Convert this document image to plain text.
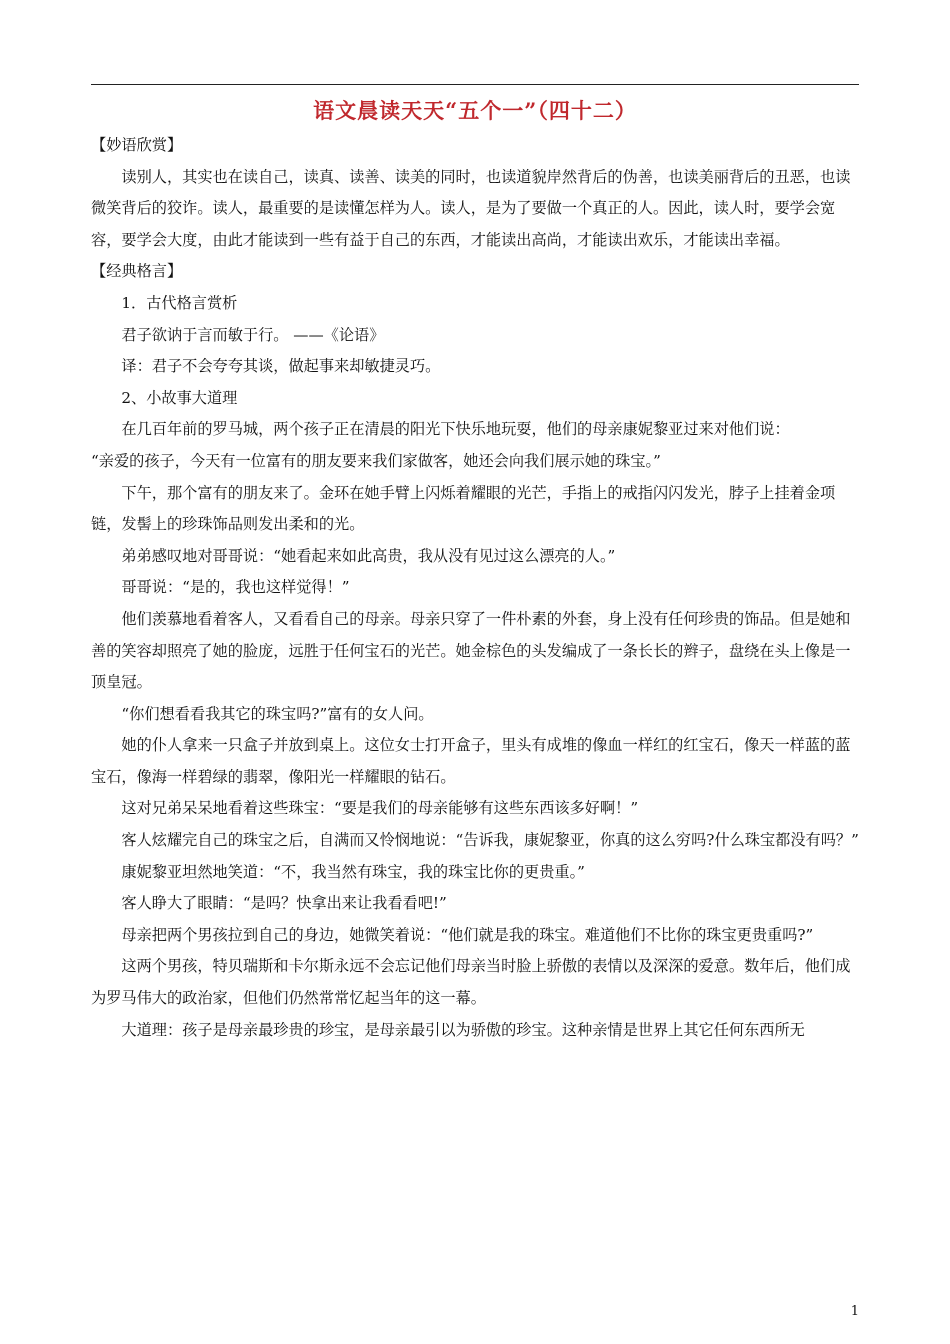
语文晨读天天“五个一”（四十二）

【妙语欣赏】

读别人，其实也在读自己，读真、读善、读美的同时，也读道貌岸然背后的伪善，也读美丽背后的丑恶，也读微笑背后的狡诈。读人，最重要的是读懂怎样为人。读人，是为了要做一个真正的人。因此，读人时，要学会宽容，要学会大度，由此才能读到一些有益于自己的东西，才能读出高尚，才能读出欢乐，才能读出幸福。

【经典格言】

1．古代格言赏析

君子欲讷于言而敏于行。 ——《论语》

译：君子不会夸夸其谈，做起事来却敏捷灵巧。

2、小故事大道理

在几百年前的罗马城，两个孩子正在清晨的阳光下快乐地玩耍，他们的母亲康妮黎亚过来对他们说：

“亲爱的孩子，今天有一位富有的朋友要来我们家做客，她还会向我们展示她的珠宝。”

下午，那个富有的朋友来了。金环在她手臂上闪烁着耀眼的光芒，手指上的戒指闪闪发光，脖子上挂着金项链，发髻上的珍珠饰品则发出柔和的光。

弟弟感叹地对哥哥说：“她看起来如此高贵，我从没有见过这么漂亮的人。”

哥哥说：“是的，我也这样觉得！”

他们羡慕地看着客人，又看看自己的母亲。母亲只穿了一件朴素的外套，身上没有任何珍贵的饰品。但是她和善的笑容却照亮了她的脸庞，远胜于任何宝石的光芒。她金棕色的头发编成了一条长长的辫子，盘绕在头上像是一顶皇冠。

“你们想看看我其它的珠宝吗?”富有的女人问。

她的仆人拿来一只盒子并放到桌上。这位女士打开盒子，里头有成堆的像血一样红的红宝石，像天一样蓝的蓝宝石，像海一样碧绿的翡翠，像阳光一样耀眼的钻石。

这对兄弟呆呆地看着这些珠宝：“要是我们的母亲能够有这些东西该多好啊！”

客人炫耀完自己的珠宝之后，自满而又怜悯地说：“告诉我，康妮黎亚，你真的这么穷吗?什么珠宝都没有吗？”

康妮黎亚坦然地笑道：“不，我当然有珠宝，我的珠宝比你的更贵重。”

客人睁大了眼睛：“是吗？快拿出来让我看看吧!”

母亲把两个男孩拉到自己的身边，她微笑着说：“他们就是我的珠宝。难道他们不比你的珠宝更贵重吗?”

这两个男孩，特贝瑞斯和卡尔斯永远不会忘记他们母亲当时脸上骄傲的表情以及深深的爱意。数年后，他们成为罗马伟大的政治家，但他们仍然常常忆起当年的这一幕。

大道理：孩子是母亲最珍贵的珍宝，是母亲最引以为骄傲的珍宝。这种亲情是世界上其它任何东西所无

1
